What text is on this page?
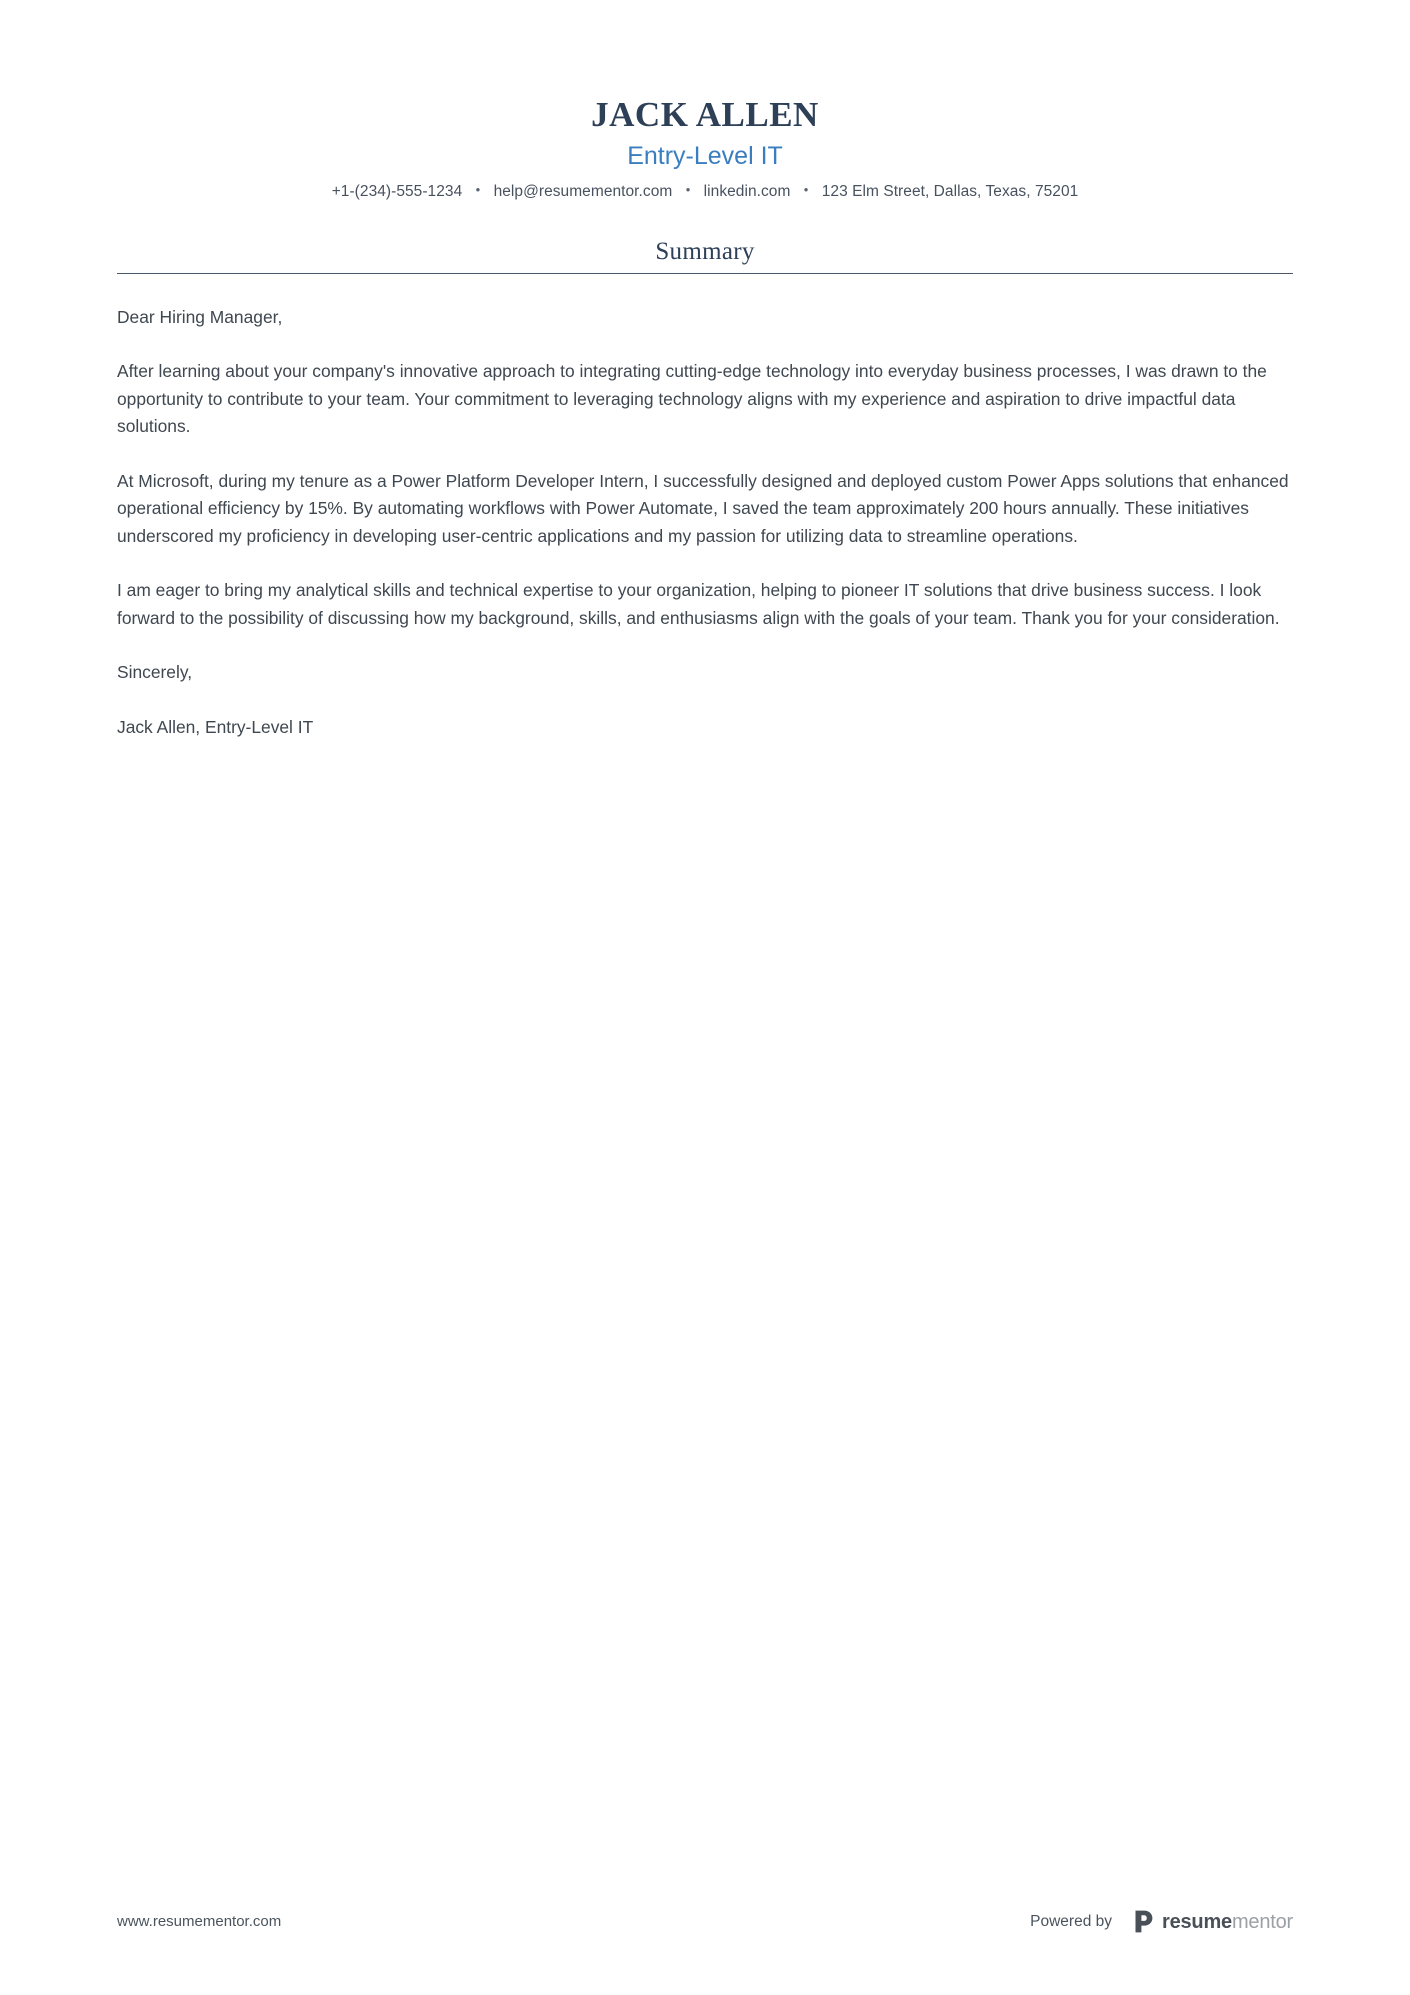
JACK ALLEN
Entry-Level IT
+1-(234)-555-1234 • help@resumementor.com • linkedin.com • 123 Elm Street, Dallas, Texas, 75201
Summary

Dear Hiring Manager,

After learning about your company's innovative approach to integrating cutting-edge technology into everyday business processes, I was drawn to the opportunity to contribute to your team. Your commitment to leveraging technology aligns with my experience and aspiration to drive impactful data solutions.

At Microsoft, during my tenure as a Power Platform Developer Intern, I successfully designed and deployed custom Power Apps solutions that enhanced operational efficiency by 15%. By automating workflows with Power Automate, I saved the team approximately 200 hours annually. These initiatives underscored my proficiency in developing user-centric applications and my passion for utilizing data to streamline operations.

I am eager to bring my analytical skills and technical expertise to your organization, helping to pioneer IT solutions that drive business success. I look forward to the possibility of discussing how my background, skills, and enthusiasms align with the goals of your team. Thank you for your consideration.

Sincerely,

Jack Allen, Entry-Level IT

www.resumementor.com	Powered by	resumementor
